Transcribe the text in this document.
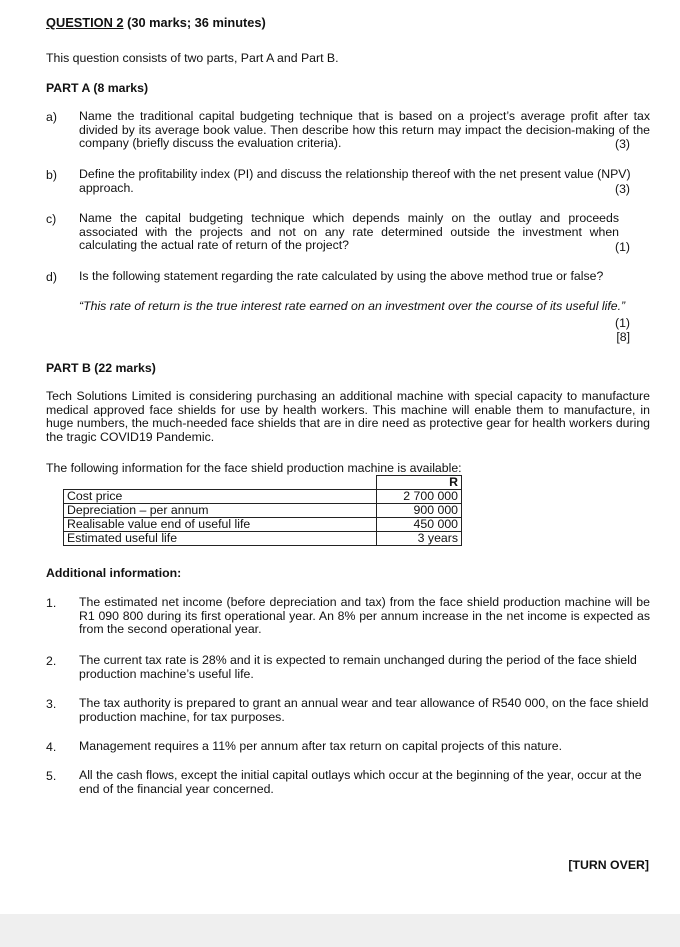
QUESTION 2 (30 marks; 36 minutes)

This question consists of two parts, Part A and Part B.

PART A (8 marks)

a) Name the traditional capital budgeting technique that is based on a project’s average profit after tax divided by its average book value. Then describe how this return may impact the decision-making of the company (briefly discuss the evaluation criteria).	(3)
b) Define the profitability index (PI) and discuss the relationship thereof with the net present value (NPV) approach.	(3)
c) Name the capital budgeting technique which depends mainly on the outlay and proceeds associated with the projects and not on any rate determined outside the investment when calculating the actual rate of return of the project?	(1)
d) Is the following statement regarding the rate calculated by using the above method true or false?
“This rate of return is the true interest rate earned on an investment over the course of its useful life.”
(1)
[8]

PART B (22 marks)

Tech Solutions Limited is considering purchasing an additional machine with special capacity to manufacture medical approved face shields for use by health workers. This machine will enable them to manufacture, in huge numbers, the much-needed face shields that are in dire need as protective gear for health workers during the tragic COVID19 Pandemic.

The following information for the face shield production machine is available:

	R
Cost price	2 700 000
Depreciation – per annum	900 000
Realisable value end of useful life	450 000
Estimated useful life	3 years

Additional information:

1. The estimated net income (before depreciation and tax) from the face shield production machine will be R1 090 800 during its first operational year. An 8% per annum increase in the net income is expected as from the second operational year.
2. The current tax rate is 28% and it is expected to remain unchanged during the period of the face shield production machine’s useful life.
3. The tax authority is prepared to grant an annual wear and tear allowance of R540 000, on the face shield production machine, for tax purposes.
4. Management requires a 11% per annum after tax return on capital projects of this nature.
5. All the cash flows, except the initial capital outlays which occur at the beginning of the year, occur at the end of the financial year concerned.

[TURN OVER]
